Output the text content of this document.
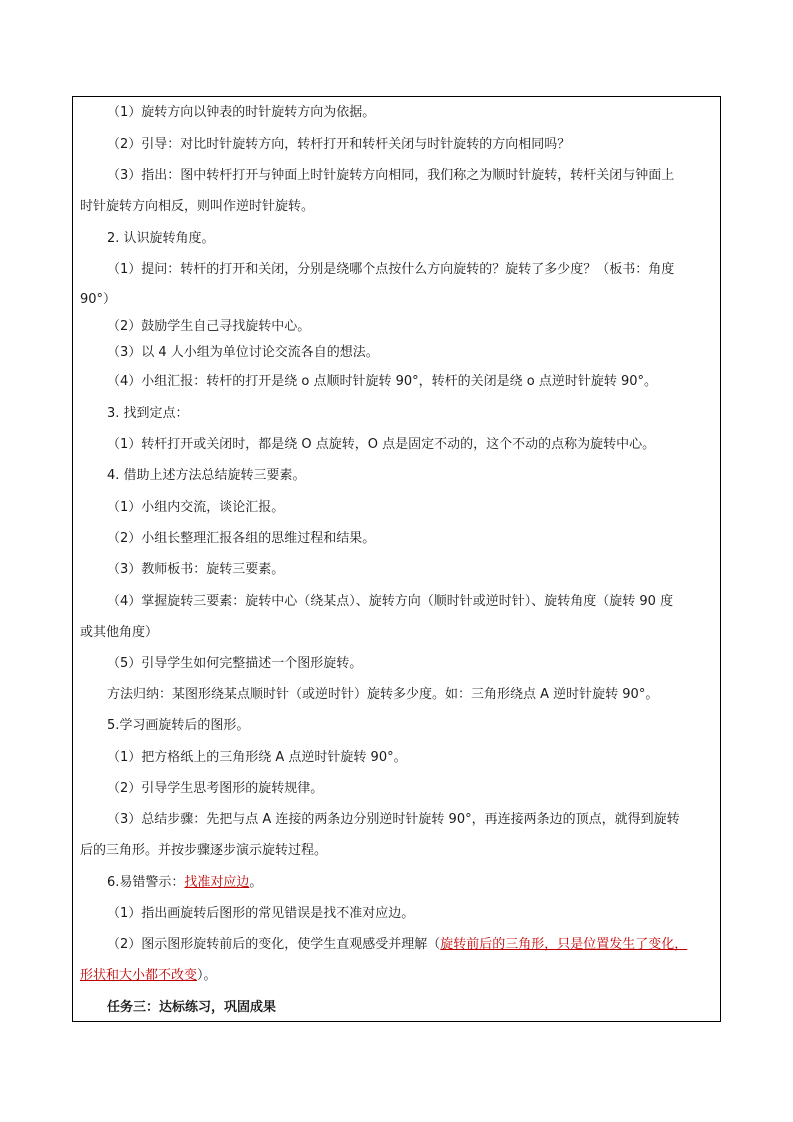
（1）旋转方向以钟表的时针旋转方向为依据。
（2）引导：对比时针旋转方向，转杆打开和转杆关闭与时针旋转的方向相同吗？
（3）指出：图中转杆打开与钟面上时针旋转方向相同，我们称之为顺时针旋转，转杆关闭与钟面上
时针旋转方向相反，则叫作逆时针旋转。
2. 认识旋转角度。
（1）提问：转杆的打开和关闭，分别是绕哪个点按什么方向旋转的？旋转了多少度？（板书：角度
90°）
（2）鼓励学生自己寻找旋转中心。
（3）以 4 人小组为单位讨论交流各自的想法。
（4）小组汇报：转杆的打开是绕 o 点顺时针旋转 90°，转杆的关闭是绕 o 点逆时针旋转 90°。
3. 找到定点：
（1）转杆打开或关闭时，都是绕 O 点旋转，O 点是固定不动的，这个不动的点称为旋转中心。
4. 借助上述方法总结旋转三要素。
（1）小组内交流，谈论汇报。
（2）小组长整理汇报各组的思维过程和结果。
（3）教师板书：旋转三要素。
（4）掌握旋转三要素：旋转中心（绕某点）、旋转方向（顺时针或逆时针）、旋转角度（旋转 90 度
或其他角度）
（5）引导学生如何完整描述一个图形旋转。
方法归纳：某图形绕某点顺时针（或逆时针）旋转多少度。如：三角形绕点 A 逆时针旋转 90°。
5.学习画旋转后的图形。
（1）把方格纸上的三角形绕 A 点逆时针旋转 90°。
（2）引导学生思考图形的旋转规律。
（3）总结步骤：先把与点 A 连接的两条边分别逆时针旋转 90°，再连接两条边的顶点，就得到旋转
后的三角形。并按步骤逐步演示旋转过程。
6.易错警示：找准对应边。
（1）指出画旋转后图形的常见错误是找不准对应边。
（2）图示图形旋转前后的变化，使学生直观感受并理解（旋转前后的三角形，只是位置发生了变化，
形状和大小都不改变）。
任务三：达标练习，巩固成果
